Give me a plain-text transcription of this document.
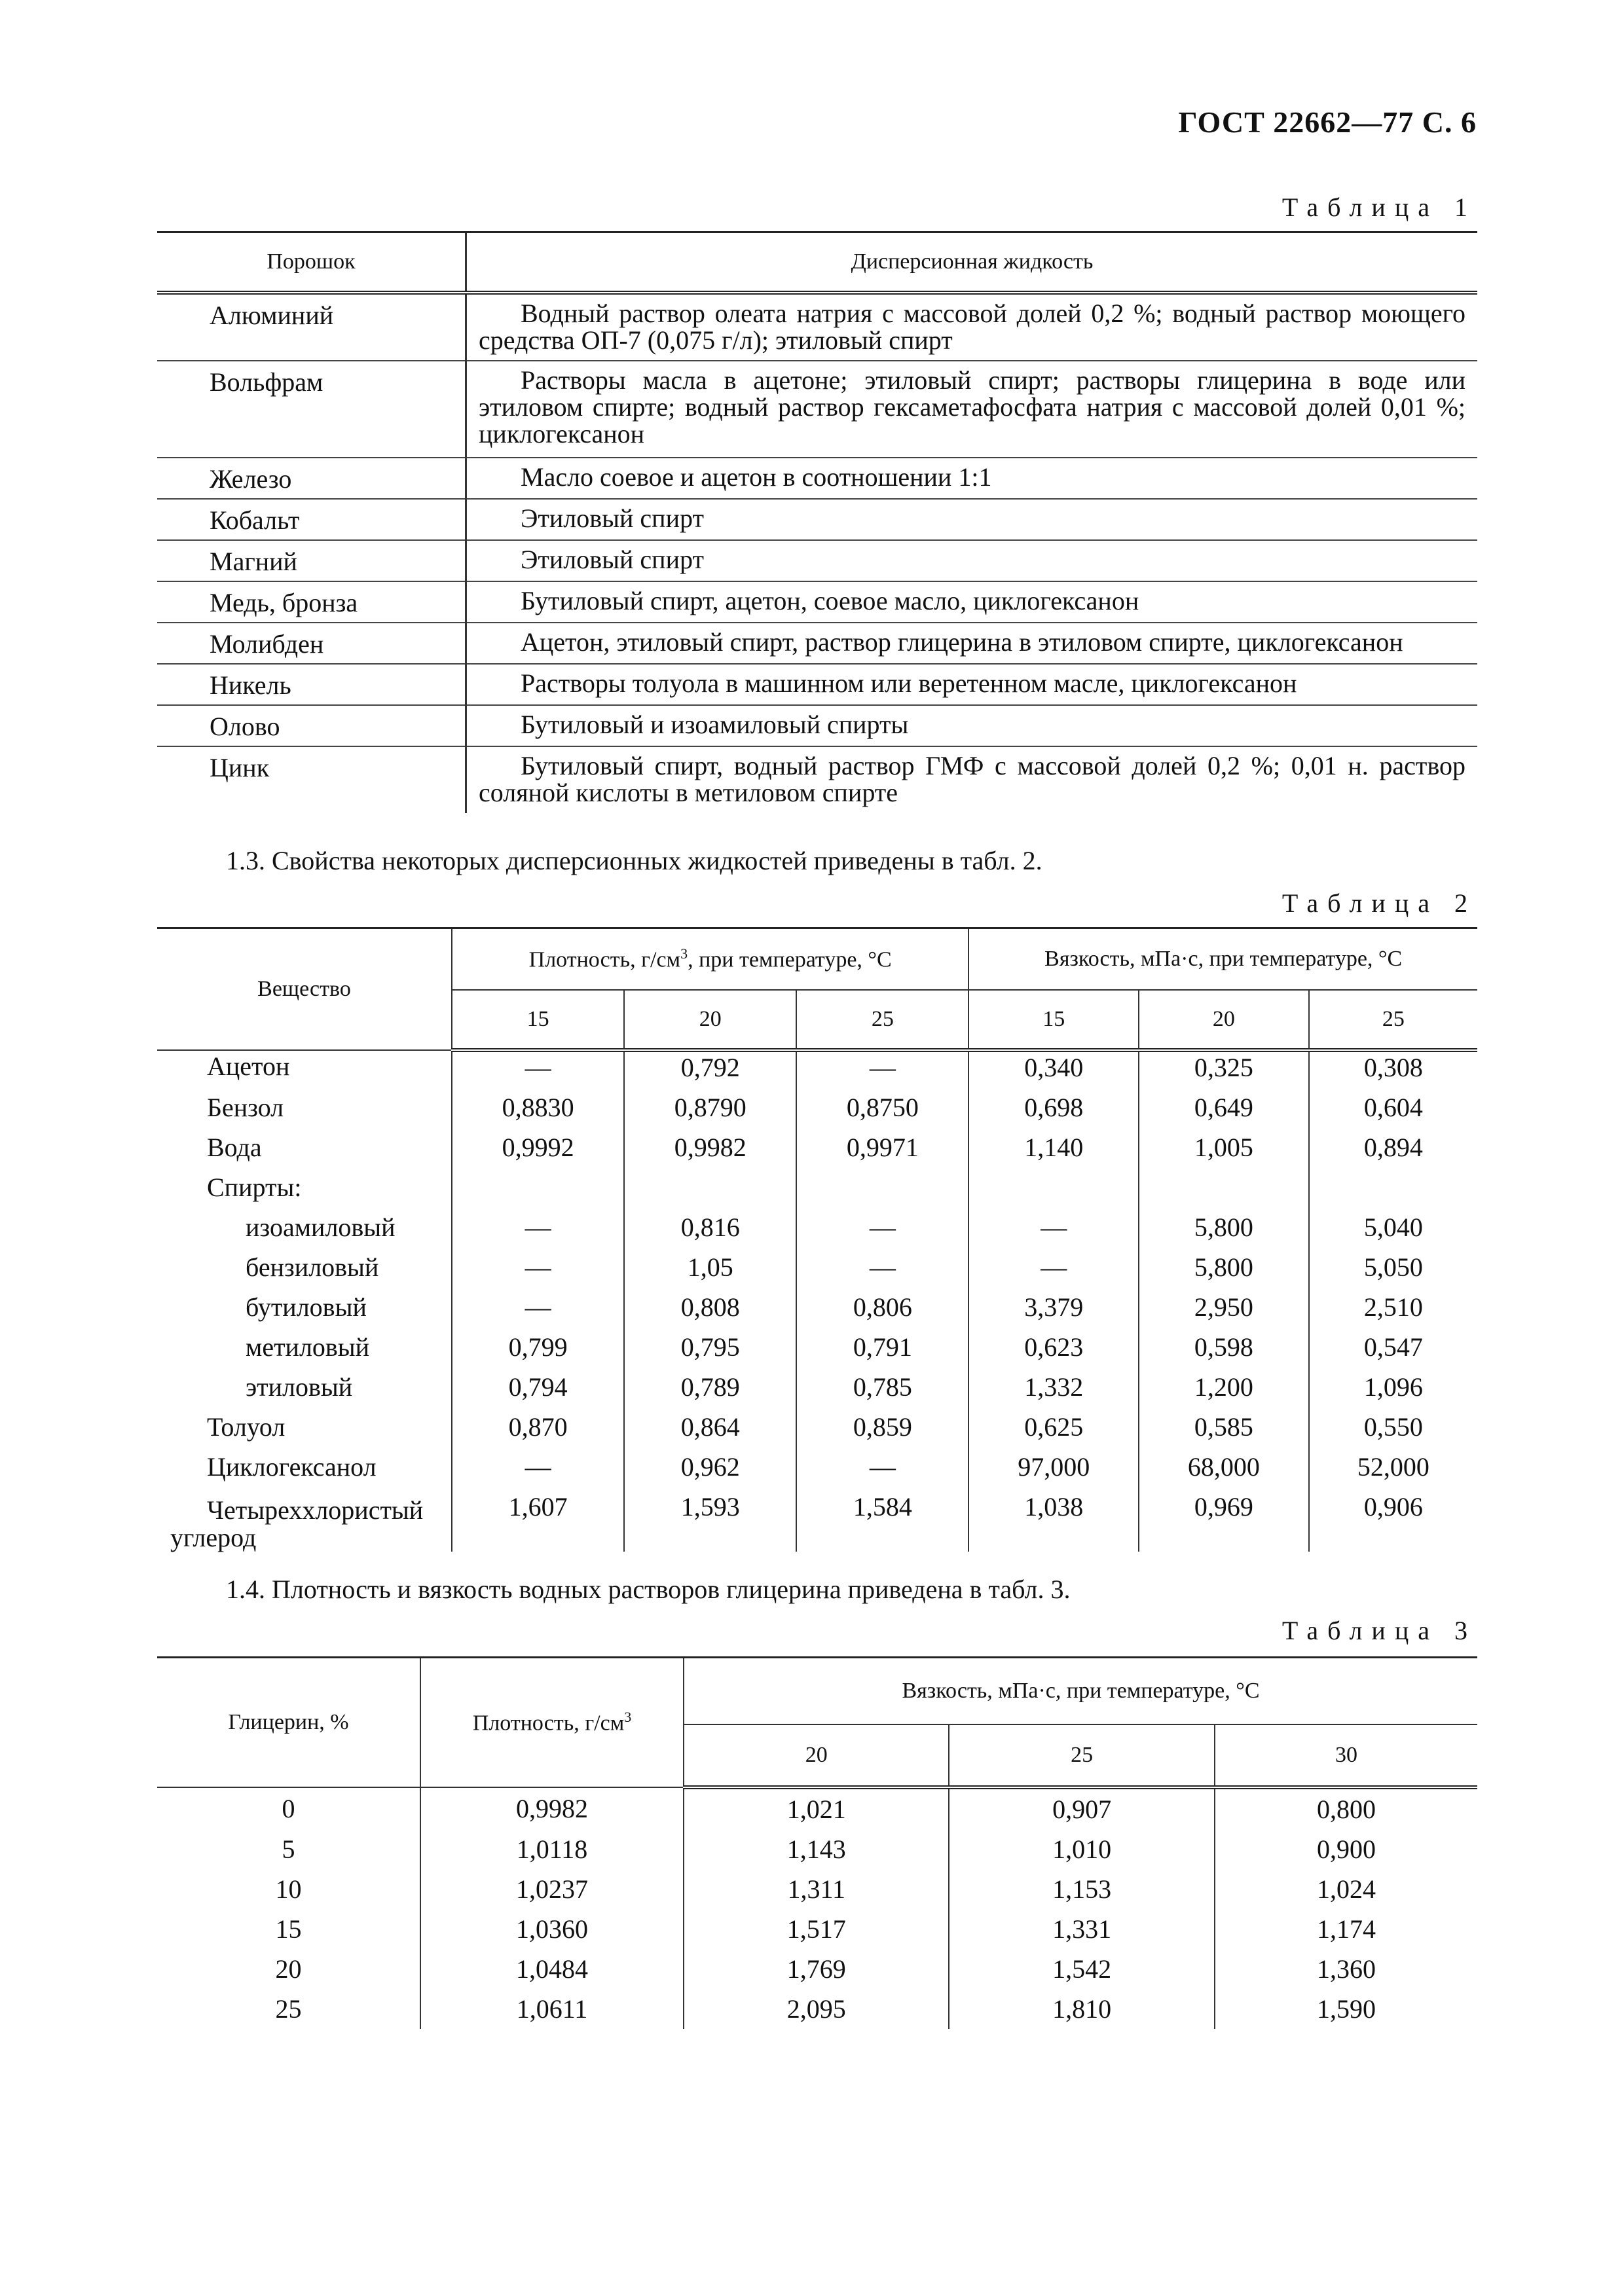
ГОСТ 22662—77 С. 6
Таблица 1
Порошок	Дисперсионная жидкость
Алюминий	Водный раствор олеата натрия с массовой долей 0,2 %; водный раствор моющего средства ОП-7 (0,075 г/л); этиловый спирт
Вольфрам	Растворы масла в ацетоне; этиловый спирт; растворы глицерина в воде или этиловом спирте; водный раствор гексаметафосфата натрия с массовой долей 0,01 %; циклогексанон
Железо	Масло соевое и ацетон в соотношении 1:1
Кобальт	Этиловый спирт
Магний	Этиловый спирт
Медь, бронза	Бутиловый спирт, ацетон, соевое масло, циклогексанон
Молибден	Ацетон, этиловый спирт, раствор глицерина в этиловом спирте, циклогексанон
Никель	Растворы толуола в машинном или веретенном масле, циклогексанон
Олово	Бутиловый и изоамиловый спирты
Цинк	Бутиловый спирт, водный раствор ГМФ с массовой долей 0,2 %; 0,01 н. раствор соляной кислоты в метиловом спирте
1.3. Свойства некоторых дисперсионных жидкостей приведены в табл. 2.
Таблица 2
Вещество	Плотность, $г/см^3$, при температуре, °С			Вязкость, мПа·с, при температуре, °С		
	15	20	25	15	20	25
Ацетон	—	0,792	—	0,340	0,325	0,308
Бензол	0,8830	0,8790	0,8750	0,698	0,649	0,604
Вода	0,9992	0,9982	0,9971	1,140	1,005	0,894
Спирты:						
изоамиловый	—	0,816	—	—	5,800	5,040
бензиловый	—	1,05	—	—	5,800	5,050
бутиловый	—	0,808	0,806	3,379	2,950	2,510
метиловый	0,799	0,795	0,791	0,623	0,598	0,547
этиловый	0,794	0,789	0,785	1,332	1,200	1,096
Толуол	0,870	0,864	0,859	0,625	0,585	0,550
Циклогексанол	—	0,962	—	97,000	68,000	52,000
Четыреххлористый углерод	1,607	1,593	1,584	1,038	0,969	0,906
1.4. Плотность и вязкость водных растворов глицерина приведена в табл. 3.
Таблица 3
Глицерин, %	Плотность, $г/см^3$	Вязкость, мПа·с, при температуре, °С		
		20	25	30
0	0,9982	1,021	0,907	0,800
5	1,0118	1,143	1,010	0,900
10	1,0237	1,311	1,153	1,024
15	1,0360	1,517	1,331	1,174
20	1,0484	1,769	1,542	1,360
25	1,0611	2,095	1,810	1,590
